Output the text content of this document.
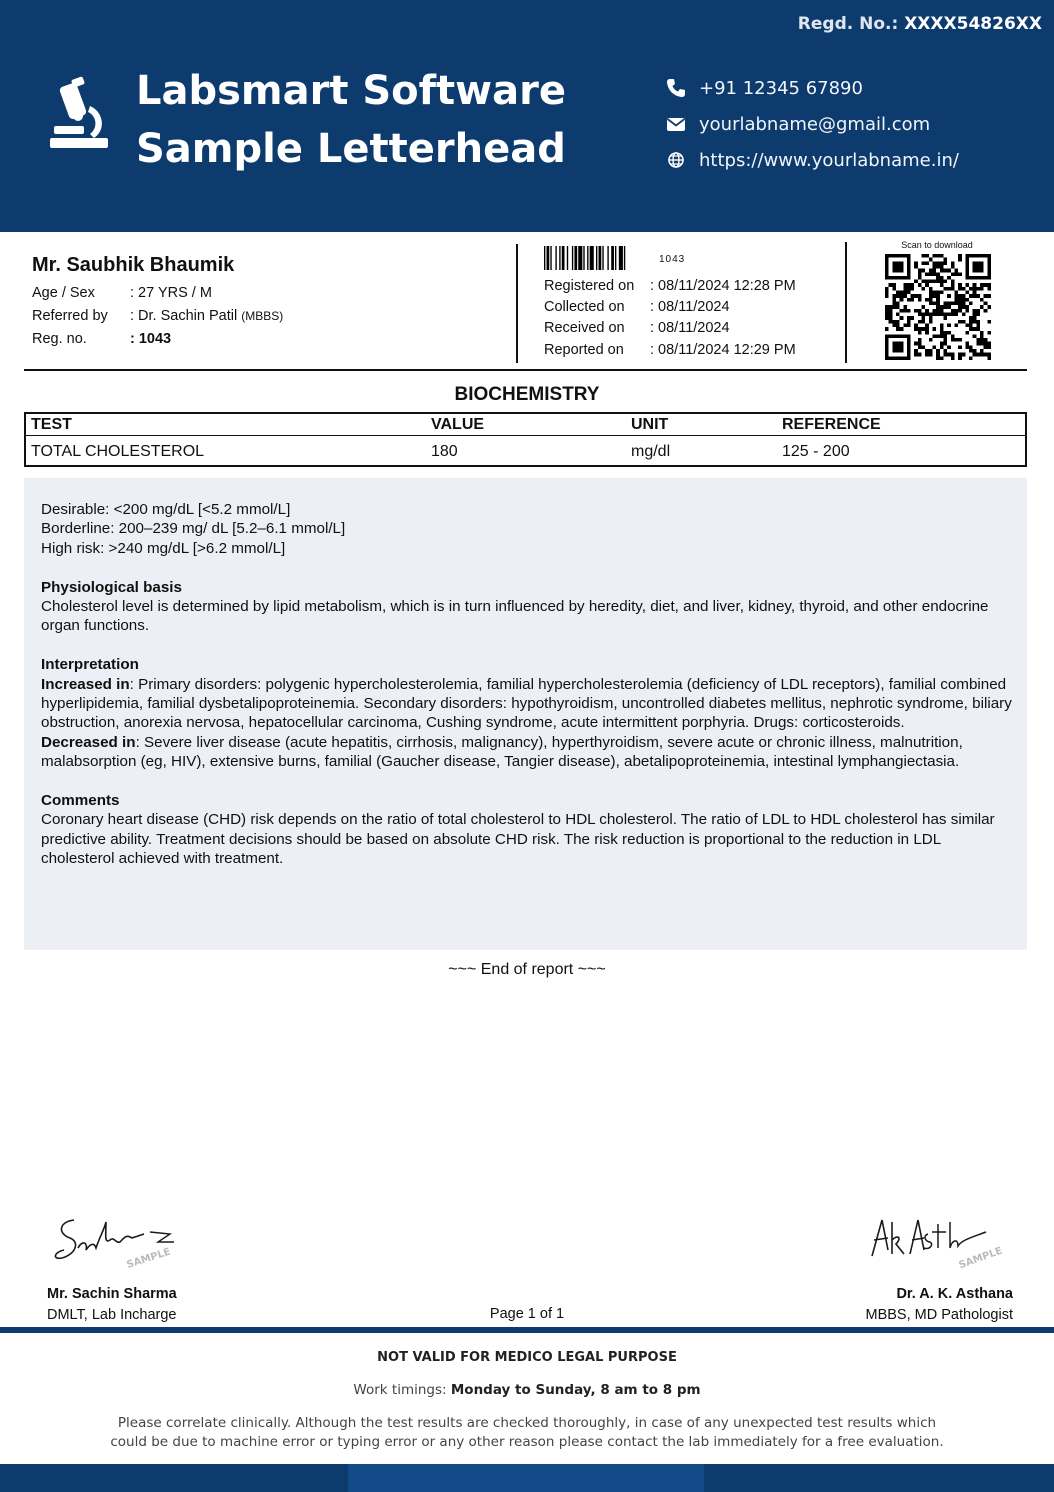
Regd. No.: XXXX54826XX
Labsmart Software
Sample Letterhead
+91 12345 67890
yourlabname@gmail.com
https://www.yourlabname.in/
Mr. Saubhik Bhaumik
Age / Sex	: 27 YRS / M
Referred by	: Dr. Sachin Patil (MBBS)
Reg. no.	: 1043
1043
Registered on	: 08/11/2024 12:28 PM
Collected on	: 08/11/2024
Received on	: 08/11/2024
Reported on	: 08/11/2024 12:29 PM
Scan to download
BIOCHEMISTRY
TEST	VALUE	UNIT	REFERENCE
TOTAL CHOLESTEROL	180	mg/dl	125 - 200

Desirable: <200 mg/dL [<5.2 mmol/L]

Borderline: 200–239 mg/ dL [5.2–6.1 mmol/L]

High risk: >240 mg/dL [>6.2 mmol/L]

Physiological basis

Cholesterol level is determined by lipid metabolism, which is in turn influenced by heredity, diet, and liver, kidney, thyroid, and other endocrine organ functions.

Interpretation

Increased in: Primary disorders: polygenic hypercholesterolemia, familial hypercholesterolemia (deficiency of LDL receptors), familial combined hyperlipidemia, familial dysbetalipoproteinemia. Secondary disorders: hypothyroidism, uncontrolled diabetes mellitus, nephrotic syndrome, biliary obstruction, anorexia nervosa, hepatocellular carcinoma, Cushing syndrome, acute intermittent porphyria. Drugs: corticosteroids.

Decreased in: Severe liver disease (acute hepatitis, cirrhosis, malignancy), hyperthyroidism, severe acute or chronic illness, malnutrition, malabsorption (eg, HIV), extensive burns, familial (Gaucher disease, Tangier disease), abetalipoproteinemia, intestinal lymphangiectasia.

Comments

Coronary heart disease (CHD) risk depends on the ratio of total cholesterol to HDL cholesterol. The ratio of LDL to HDL cholesterol has similar predictive ability. Treatment decisions should be based on absolute CHD risk. The risk reduction is proportional to the reduction in LDL cholesterol achieved with treatment.

~~~ End of report ~~~
SAMPLE	SAMPLE
Mr. Sachin Sharma
DMLT, Lab Incharge
Dr. A. K. Asthana
MBBS, MD Pathologist
Page 1 of 1
NOT VALID FOR MEDICO LEGAL PURPOSE
Work timings: Monday to Sunday, 8 am to 8 pm
Please correlate clinically. Although the test results are checked thoroughly, in case of any unexpected test results which could be due to machine error or typing error or any other reason please contact the lab immediately for a free evaluation.
